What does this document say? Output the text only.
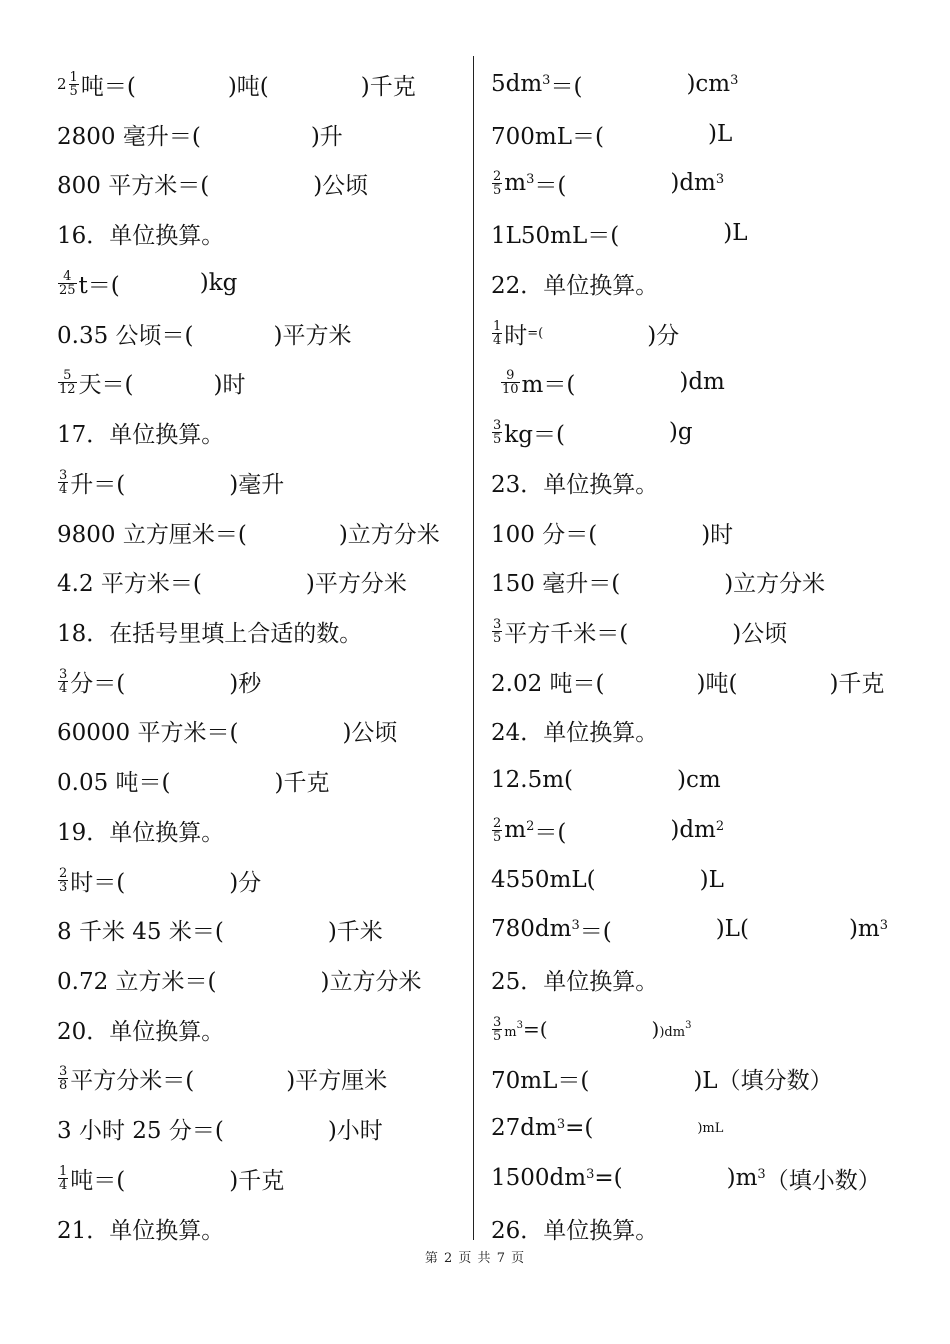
$2 \frac{1}{5}$ 吨＝(	)吨(	)千克
2800 毫升＝(	)升
800 平方米＝(	)公顷
16．单位换算。
$\frac{4}{25} t=$(	)kg
0.35 公顷＝(	)平方米
$\frac{5}{12}$ 天＝(	)时
17．单位换算。
$\frac{3}{4}$ 升＝(	)毫升
9800 立方厘米＝(	)立方分米
4.2 平方米＝(	)平方分米
18．在括号里填上合适的数。
$\frac{3}{4}$ 分＝(	)秒
60000 平方米＝(	)公顷
0.05 吨＝(	)千克
19．单位换算。
$\frac{2}{3}$ 时＝(	)分
8 千米 45 米＝(	)千米
0.72 立方米＝(	)立方分米
20．单位换算。
$\frac{3}{8}$ 平方分米＝(	)平方厘米
3 小时 25 分＝(	)小时
$\frac{1}{4}$ 吨＝(	)千克
21．单位换算。
$5dm^3$ ＝(	)$cm^3$
700mL＝(	)L
$\frac{2}{5} m^3$ ＝(	)$dm^3$
1L50mL＝(	)L
22．单位换算。
$\frac{1}{4}$ 时 =(	)分
$\frac{9}{10} m=$(	)dm
$\frac{3}{5} kg=$(	)g
23．单位换算。
100 分＝(	)时
150 毫升＝(	)立方分米
$\frac{3}{5}$ 平方千米＝(	)公顷
2.02 吨＝(	)吨(	)千克
24．单位换算。
12.5m(	)cm
$\frac{2}{5} m^2$ ＝(	)$dm^2$
4550mL(	)L
$780dm^3$ ＝(	)L(	)$m^3$
25．单位换算。
$\frac{3}{5} m^3=$(	))$dm^3$
70mL＝(	)L（填分数）
$27dm^3$ =(	)mL
$1500dm^3$ =(	)$m^3$ （填小数）
26．单位换算。
第 2 页 共 7 页
